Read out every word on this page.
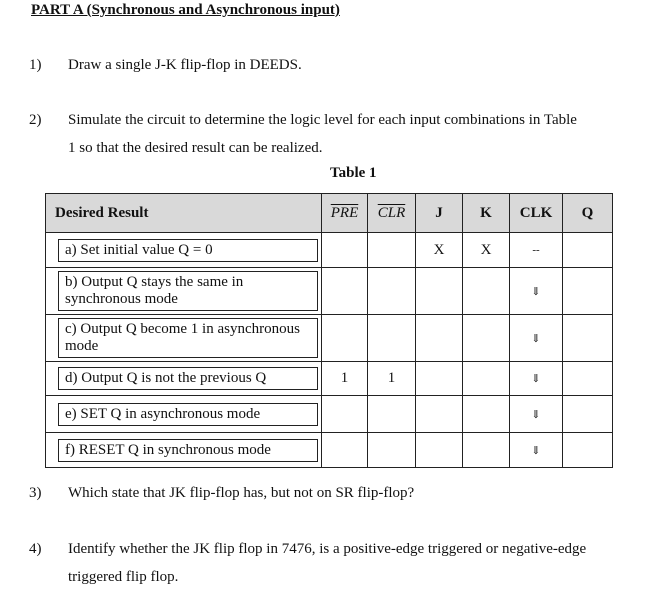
PART A (Synchronous and Asynchronous input)
1) Draw a single J-K flip-flop in DEEDS.
2) Simulate the circuit to determine the logic level for each input combinations in Table
1 so that the desired result can be realized.
Table 1
Desired Result	$\overline{PRE}$	$\overline{CLR}$	J	K	CLK	Q

a) Set initial value Q = 0			X	X	--	

b) Output Q stays the same in synchronous mode					⇓	

c) Output Q become 1 in asynchronous mode					⇓	

d) Output Q is not the previous Q	1	1			⇓	

e) SET Q in asynchronous mode					⇓	

f) RESET Q in synchronous mode					⇓	
3) Which state that JK flip-flop has, but not on SR flip-flop?
4) Identify whether the JK flip flop in 7476, is a positive-edge triggered or negative-edge
triggered flip flop.
